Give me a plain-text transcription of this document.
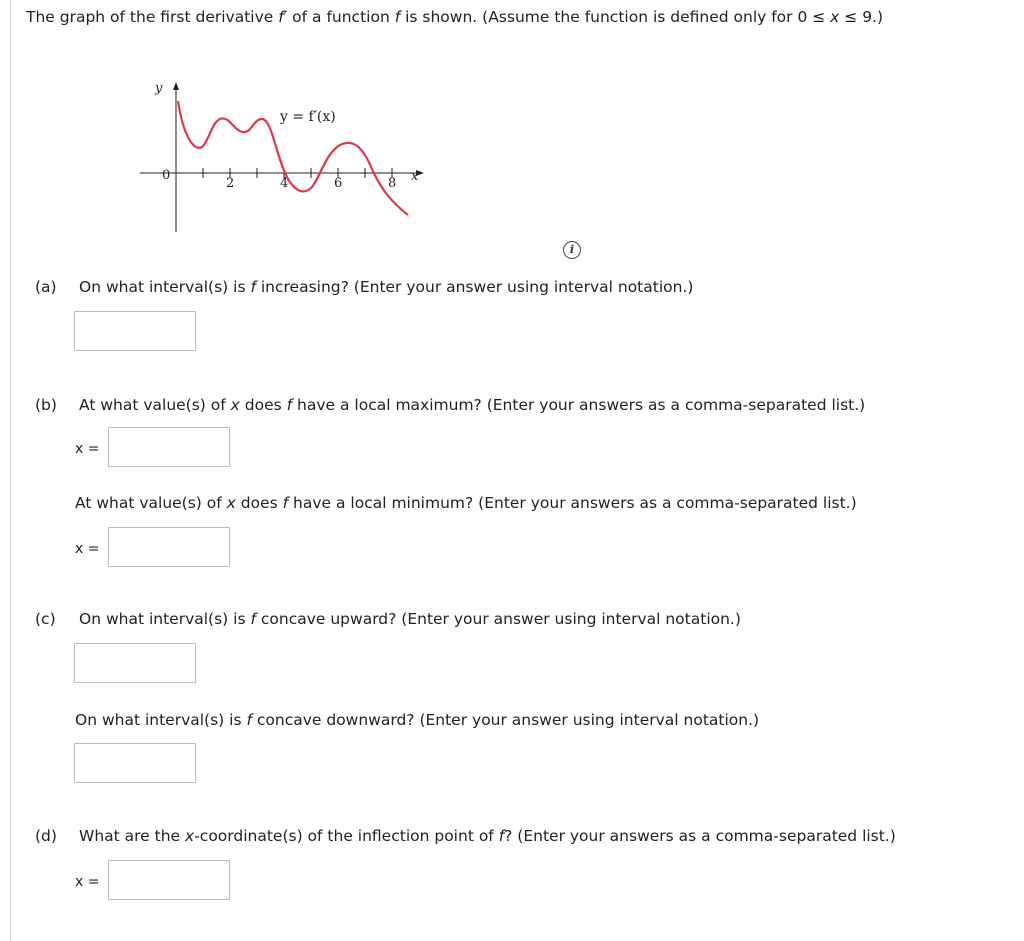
The graph of the first derivative f′ of a function f is shown. (Assume the function is defined only for 0 ≤ x ≤ 9.)
y
x
y = f′(x)
0
2	4	6	8
i
(a) On what interval(s) is f increasing? (Enter your answer using interval notation.)
(b) At what value(s) of x does f have a local maximum? (Enter your answers as a comma-separated list.)
x =
At what value(s) of x does f have a local minimum? (Enter your answers as a comma-separated list.)
x =
(c) On what interval(s) is f concave upward? (Enter your answer using interval notation.)
On what interval(s) is f concave downward? (Enter your answer using interval notation.)
(d) What are the x-coordinate(s) of the inflection point of f? (Enter your answers as a comma-separated list.)
x =
